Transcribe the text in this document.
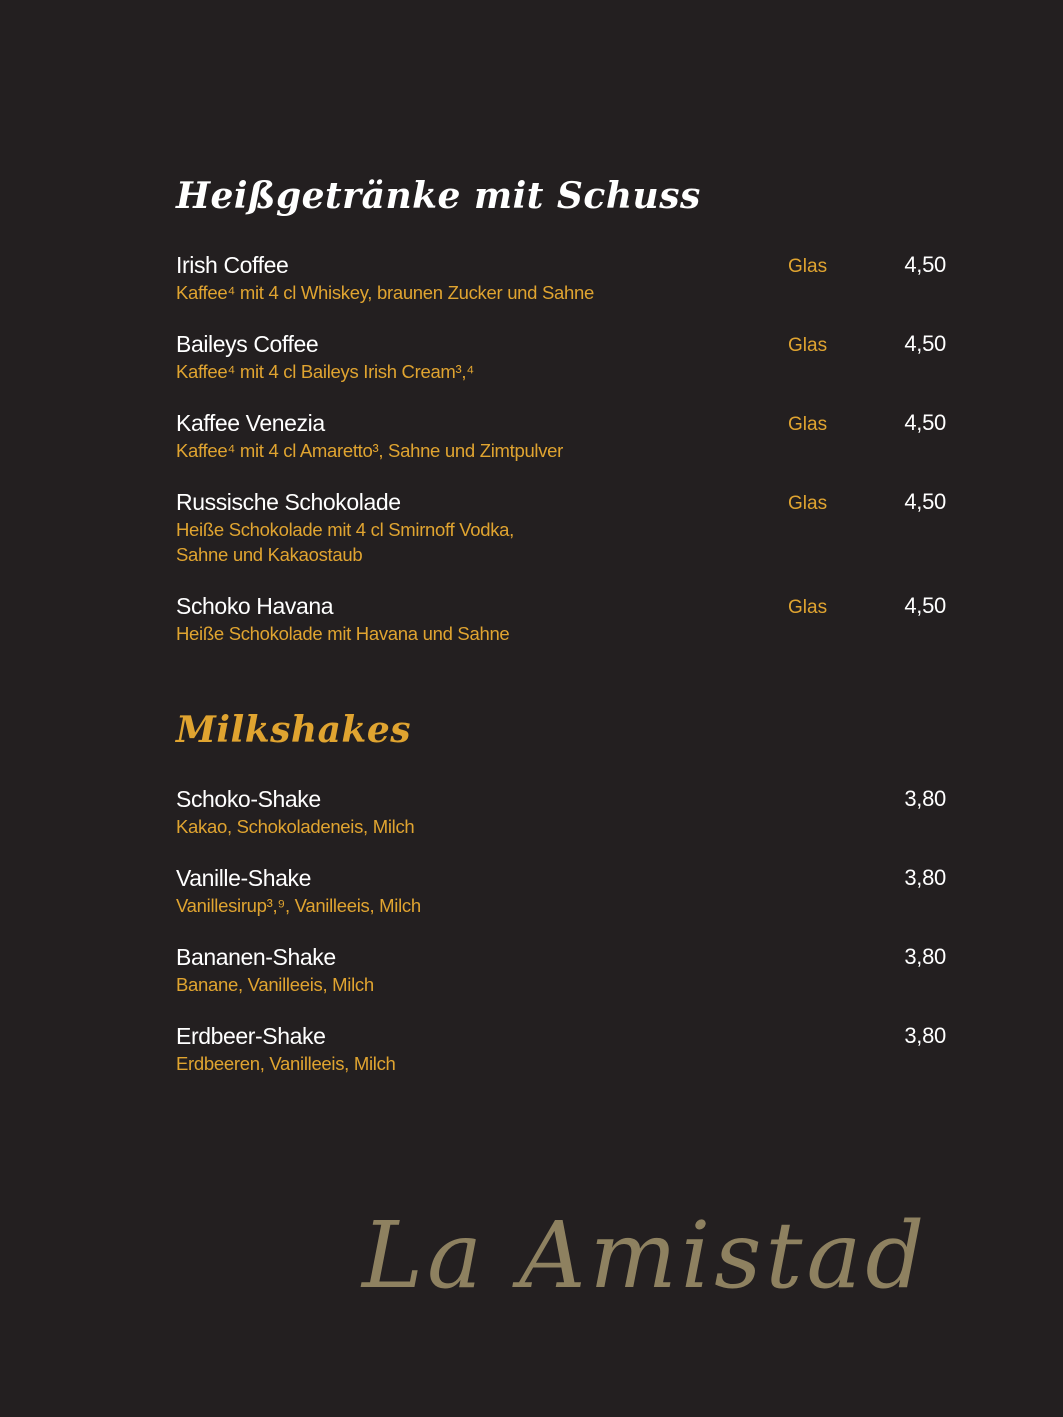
Heißgetränke mit Schuss
Irish Coffee
Kaffee⁴ mit 4 cl Whiskey, braunen Zucker und Sahne
Glas	4,50
Baileys Coffee
Kaffee⁴ mit 4 cl Baileys Irish Cream³,⁴
Glas	4,50
Kaffee Venezia
Kaffee⁴ mit 4 cl Amaretto³, Sahne und Zimtpulver
Glas	4,50
Russische Schokolade
Heiße Schokolade mit 4 cl Smirnoff Vodka,
Sahne und Kakaostaub
Glas	4,50
Schoko Havana
Heiße Schokolade mit Havana und Sahne
Glas	4,50
Milkshakes
Schoko-Shake
Kakao, Schokoladeneis, Milch
3,80
Vanille-Shake
Vanillesirup³,⁹, Vanilleeis, Milch
3,80
Bananen-Shake
Banane, Vanilleeis, Milch
3,80
Erdbeer-Shake
Erdbeeren, Vanilleeis, Milch
3,80
La Amistad
